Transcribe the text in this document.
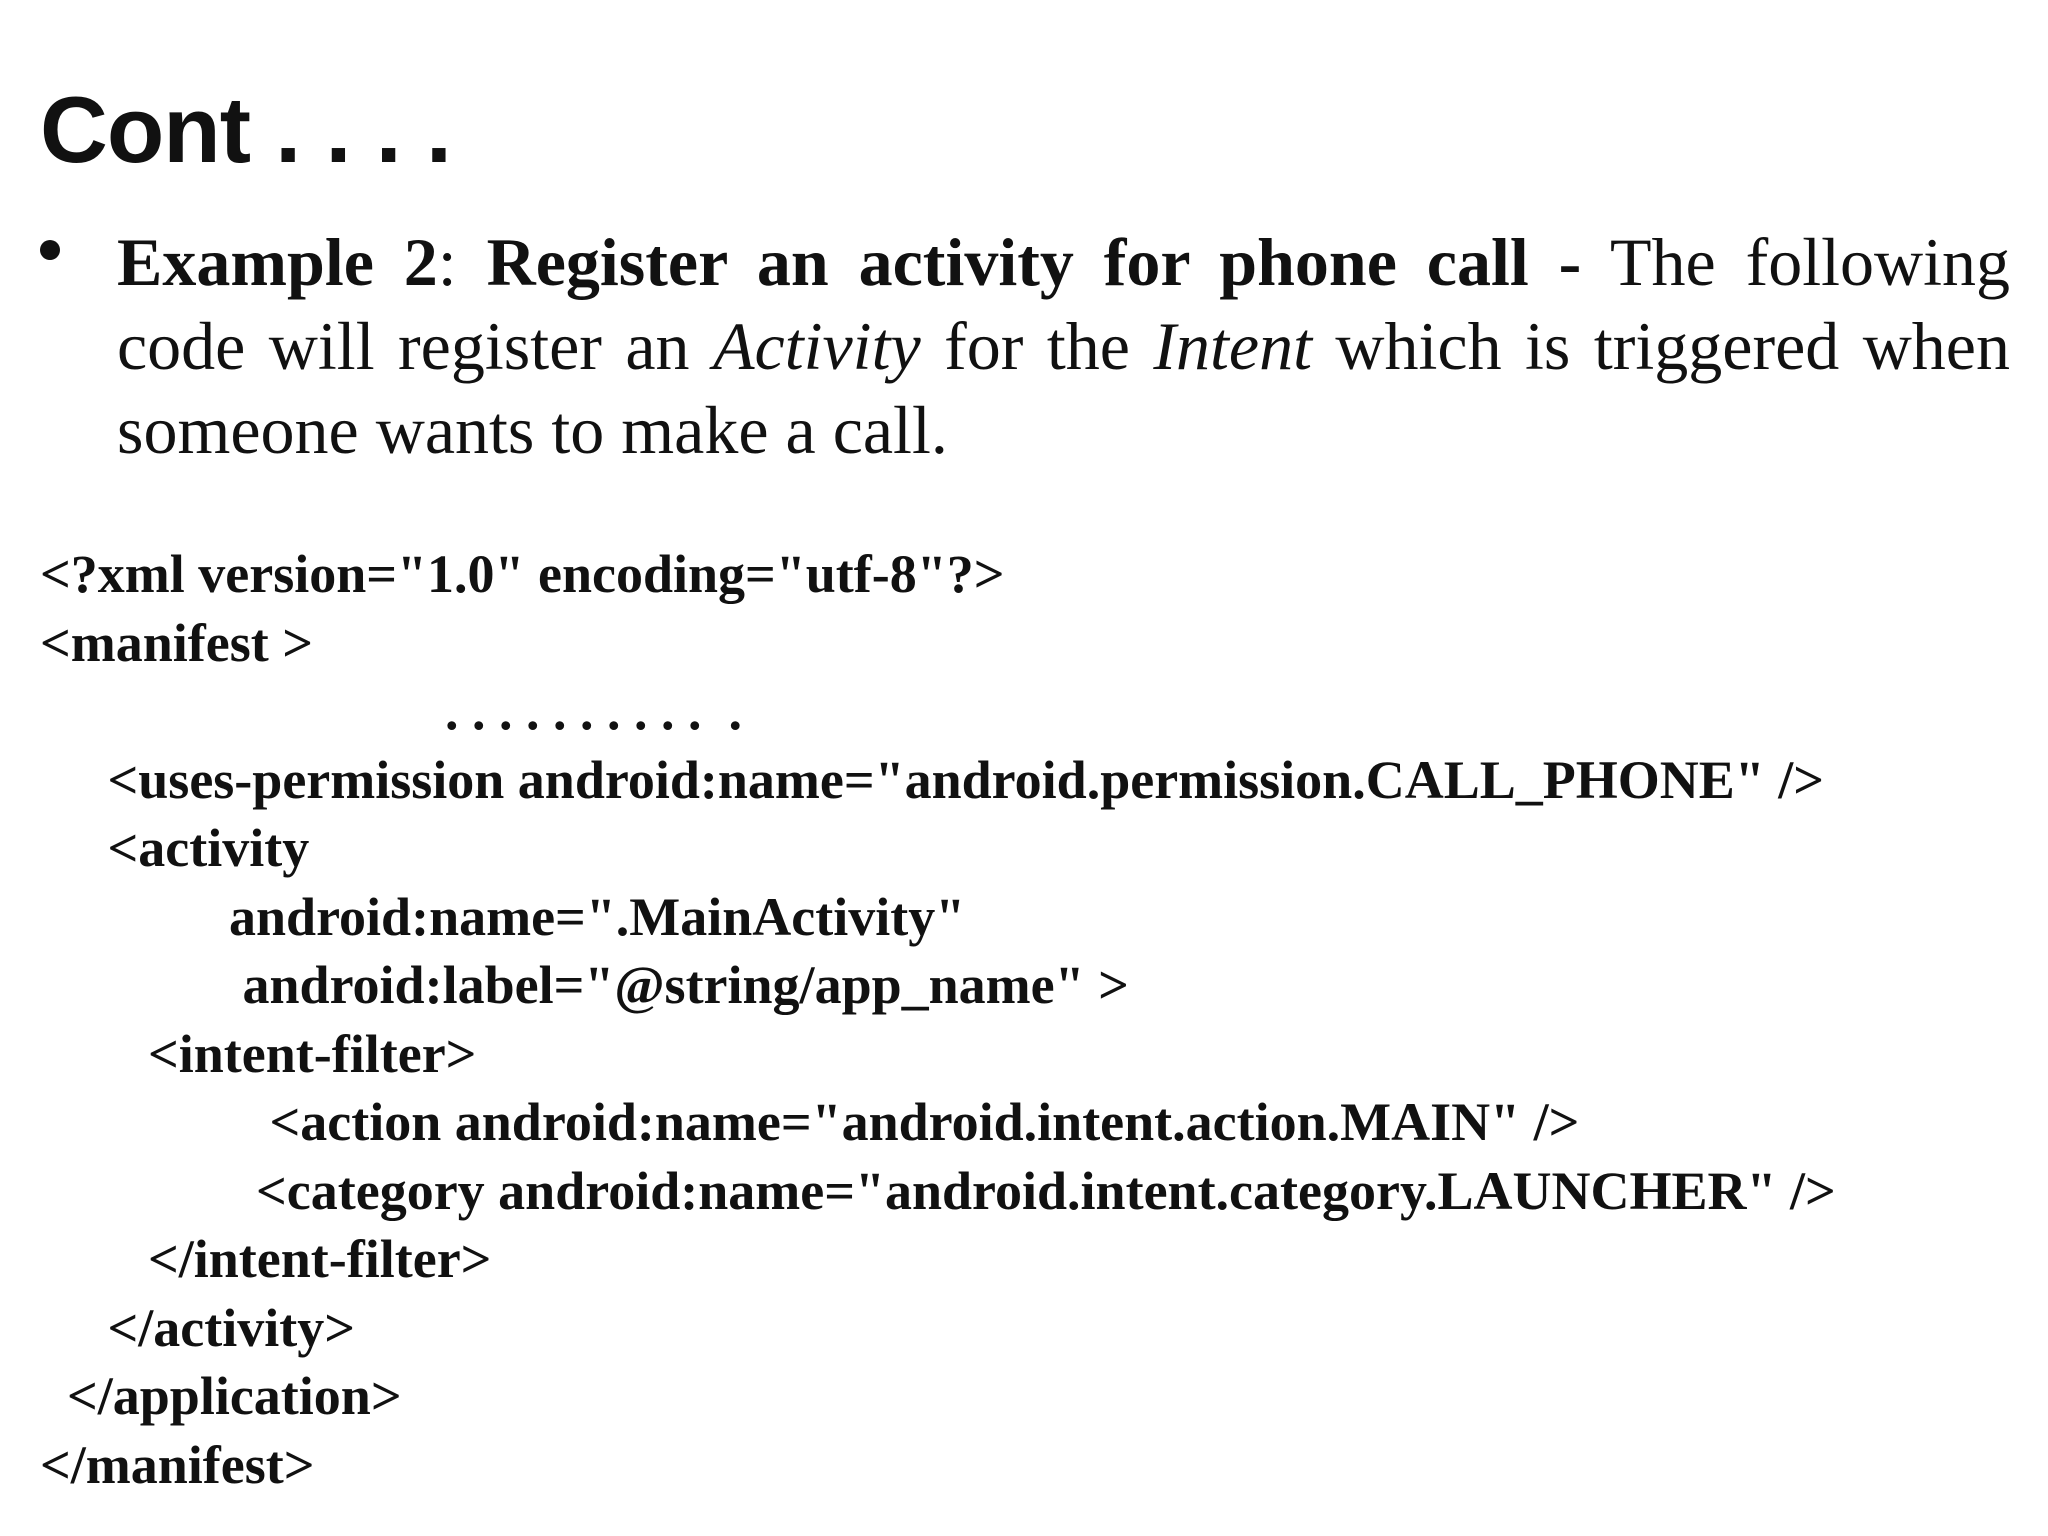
Cont . . . .

Example 2: Register an activity for phone call - The following code will register an Activity for the Intent which is triggered when someone wants to make a call.

<?xml version="1.0" encoding="utf-8"?>
<manifest >
. . . . . . . . . .  .
<uses-permission android:name="android.permission.CALL_PHONE" />
<activity
android:name=".MainActivity"
android:label="@string/app_name" >
<intent-filter>
<action android:name="android.intent.action.MAIN" />
<category android:name="android.intent.category.LAUNCHER" />
</intent-filter>
</activity>
</application>
</manifest>
